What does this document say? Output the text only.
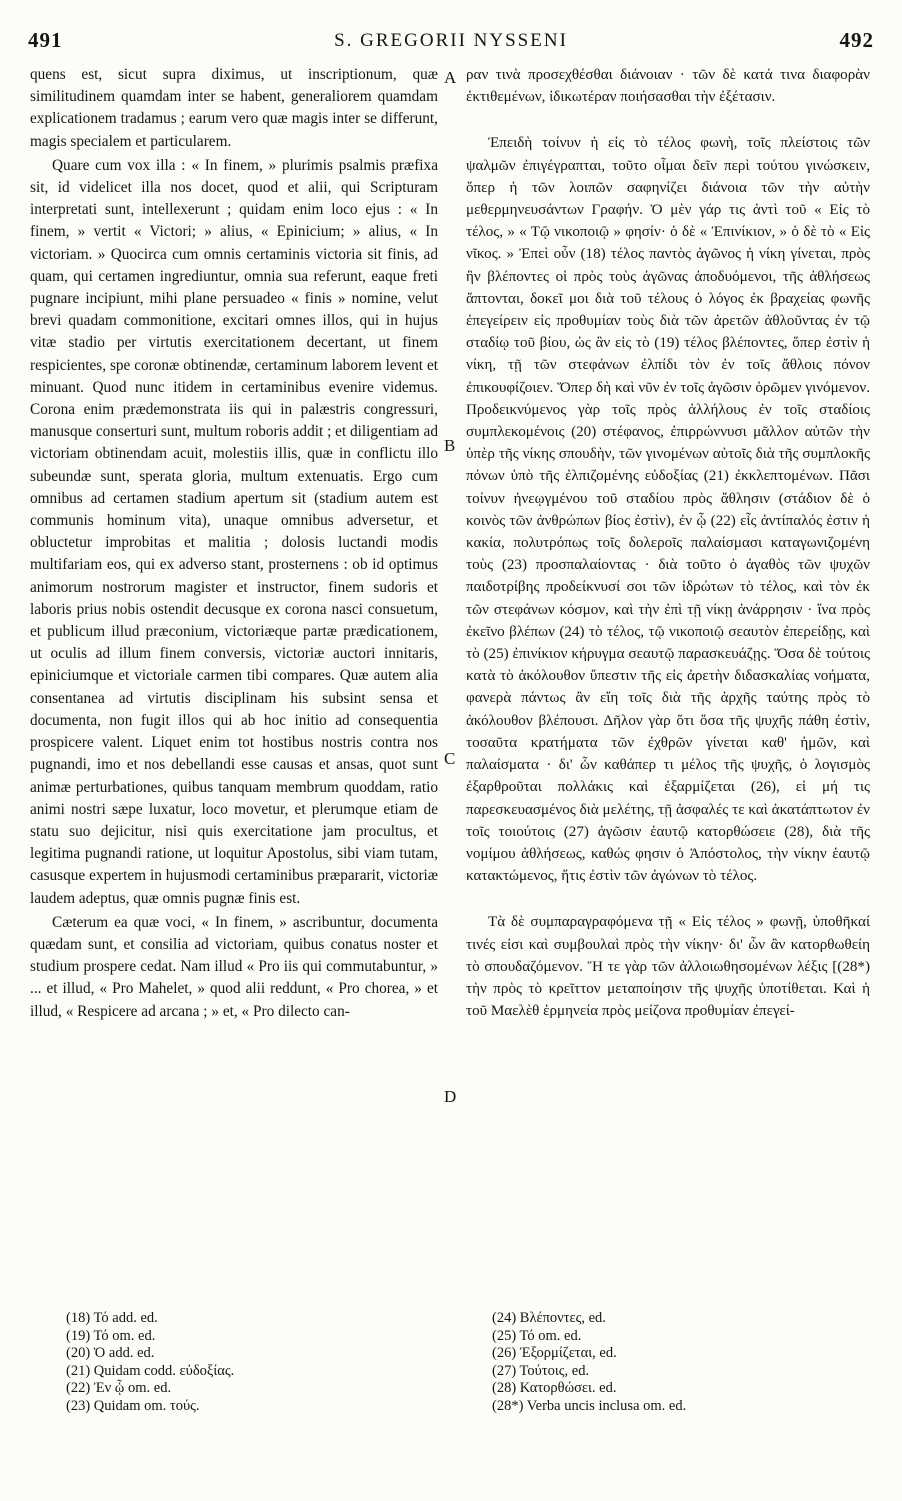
491	S. GREGORII NYSSENI	492

quens est, sicut supra diximus, ut inscriptionum, quæ similitudinem quamdam inter se habent, generaliorem quamdam explicationem tradamus ; earum vero quæ magis inter se differunt, magis specialem et particularem.

Quare cum vox illa : « In finem, » plurimis psalmis præfixa sit, id videlicet illa nos docet, quod et alii, qui Scripturam interpretati sunt, intellexerunt ; quidam enim loco ejus : « In finem, » vertit « Victori; » alius, « Epinicium; » alius, « In victoriam. » Quocirca cum omnis certaminis victoria sit finis, ad quam, qui certamen ingrediuntur, omnia sua referunt, eaque freti pugnare incipiunt, mihi plane persuadeo « finis » nomine, velut brevi quadam commonitione, excitari omnes illos, qui in hujus vitæ stadio per virtutis exercitationem decertant, ut finem respicientes, spe coronæ obtinendæ, certaminum laborem levent et minuant. Quod nunc itidem in certaminibus evenire videmus. Corona enim prædemonstrata iis qui in palæstris congressuri, manusque conserturi sunt, multum roboris addit ; et diligentiam ad victoriam obtinendam acuit, molestiis illis, quæ in conflictu illo subeundæ sunt, sperata gloria, multum extenuatis. Ergo cum omnibus ad certamen stadium apertum sit (stadium autem est communis hominum vita), unaque omnibus adversetur, et obluctetur improbitas et malitia ; dolosis luctandi modis multifariam eos, qui ex adverso stant, prosternens : ob id optimus animorum nostrorum magister et instructor, finem sudoris et laboris prius nobis ostendit decusque ex corona nasci consuetum, et publicum illud præconium, victoriæque partæ prædicationem, ut oculis ad illum finem conversis, victoriæ auctori innitaris, epiniciumque et victoriale carmen tibi compares. Quæ autem alia consentanea ad virtutis disciplinam his subsint sensa et documenta, non fugit illos qui ab hoc initio ad consequentia prospicere valent. Liquet enim tot hostibus nostris contra nos pugnandi, imo et nos debellandi esse causas et ansas, quot sunt animæ perturbationes, quibus tanquam membrum quoddam, ratio animi nostri sæpe luxatur, loco movetur, et plerumque etiam de statu suo dejicitur, nisi quis exercitatione jam procultus, et legitima pugnandi ratione, ut loquitur Apostolus, sibi viam tutam, casusque expertem in hujusmodi certaminibus præpararit, victoriæ laudem adeptus, quæ omnis pugnæ finis est.

Cæterum ea quæ voci, « In finem, » ascribuntur, documenta quædam sunt, et consilia ad victoriam, quibus conatus noster et studium prospere cedat. Nam illud « Pro iis qui commutabuntur, » ... et illud, « Pro Mahelet, » quod alii reddunt, « Pro chorea, » et illud, « Respicere ad arcana ; » et, « Pro dilecto can-

A
B
C
D

ραν τινὰ προσεχθέσθαι διάνοιαν · τῶν δὲ κατά τινα διαφορὰν ἐκτιθεμένων, ἰδικωτέραν ποιήσασθαι τὴν ἐξέτασιν.

Ἐπειδὴ τοίνυν ἡ εἰς τὸ τέλος φωνὴ, τοῖς πλείστοις τῶν ψαλμῶν ἐπιγέγραπται, τοῦτο οἶμαι δεῖν περὶ τούτου γινώσκειν, ὅπερ ἡ τῶν λοιπῶν σαφηνίζει διάνοια τῶν τὴν αὐτὴν μεθερμηνευσάντων Γραφήν. Ὁ μὲν γάρ τις ἀντὶ τοῦ « Εἰς τὸ τέλος, » « Τῷ νικοποιῷ » φησίν· ὁ δὲ « Ἐπινίκιον, » ὁ δὲ τὸ « Εἰς νῖκος. » Ἐπεὶ οὖν (18) τέλος παντὸς ἀγῶνος ἡ νίκη γίνεται, πρὸς ἣν βλέποντες οἱ πρὸς τοὺς ἀγῶνας ἀποδυόμενοι, τῆς ἀθλήσεως ἅπτονται, δοκεῖ μοι διὰ τοῦ τέλους ὁ λόγος ἐκ βραχείας φωνῆς ἐπεγείρειν εἰς προθυμίαν τοὺς διὰ τῶν ἀρετῶν ἀθλοῦντας ἐν τῷ σταδίῳ τοῦ βίου, ὡς ἂν εἰς τὸ (19) τέλος βλέποντες, ὅπερ ἐστὶν ἡ νίκη, τῇ τῶν στεφάνων ἐλπίδι τὸν ἐν τοῖς ἄθλοις πόνον ἐπικουφίζοιεν. Ὅπερ δὴ καὶ νῦν ἐν τοῖς ἀγῶσιν ὁρῶμεν γινόμενον. Προδεικνύμενος γὰρ τοῖς πρὸς ἀλλήλους ἐν τοῖς σταδίοις συμπλεκομένοις (20) στέφανος, ἐπιρρώννυσι μᾶλλον αὐτῶν τὴν ὑπὲρ τῆς νίκης σπουδὴν, τῶν γινομένων αὐτοῖς διὰ τῆς συμπλοκῆς πόνων ὑπὸ τῆς ἐλπιζομένης εὐδοξίας (21) ἐκκλεπτομένων. Πᾶσι τοίνυν ἠνεῳγμένου τοῦ σταδίου πρὸς ἄθλησιν (στάδιον δὲ ὁ κοινὸς τῶν ἀνθρώπων βίος ἐστὶν), ἐν ᾧ (22) εἷς ἀντίπαλός ἐστιν ἡ κακία, πολυτρόπως τοῖς δολεροῖς παλαίσμασι καταγωνιζομένη τοὺς (23) προσπαλαίοντας · διὰ τοῦτο ὁ ἀγαθὸς τῶν ψυχῶν παιδοτρίβης προδείκνυσί σοι τῶν ἱδρώτων τὸ τέλος, καὶ τὸν ἐκ τῶν στεφάνων κόσμον, καὶ τὴν ἐπὶ τῇ νίκῃ ἀνάρρησιν · ἵνα πρὸς ἐκεῖνο βλέπων (24) τὸ τέλος, τῷ νικοποιῷ σεαυτὸν ἐπερείδῃς, καὶ τὸ (25) ἐπινίκιον κήρυγμα σεαυτῷ παρασκευάζῃς. Ὅσα δὲ τούτοις κατὰ τὸ ἀκόλουθον ὕπεστιν τῆς εἰς ἀρετὴν διδασκαλίας νοήματα, φανερὰ πάντως ἂν εἴη τοῖς διὰ τῆς ἀρχῆς ταύτης πρὸς τὸ ἀκόλουθον βλέπουσι. Δῆλον γὰρ ὅτι ὅσα τῆς ψυχῆς πάθη ἐστὶν, τοσαῦτα κρατήματα τῶν ἐχθρῶν γίνεται καθ' ἡμῶν, καὶ παλαίσματα · δι' ὧν καθάπερ τι μέλος τῆς ψυχῆς, ὁ λογισμὸς ἐξαρθροῦται πολλάκις καὶ ἐξαρμίζεται (26), εἰ μή τις παρεσκευασμένος διὰ μελέτης, τῇ ἀσφαλές τε καὶ ἀκατάπτωτον ἐν τοῖς τοιούτοις (27) ἀγῶσιν ἑαυτῷ κατορθώσειε (28), διὰ τῆς νομίμου ἀθλήσεως, καθώς φησιν ὁ Ἀπόστολος, τὴν νίκην ἑαυτῷ κατακτώμενος, ἥτις ἐστὶν τῶν ἀγώνων τὸ τέλος.

Τὰ δὲ συμπαραγραφόμενα τῇ « Εἰς τέλος » φωνῇ, ὑποθῆκαί τινές εἰσι καὶ συμβουλαὶ πρὸς τὴν νίκην· δι' ὧν ἂν κατορθωθείη τὸ σπουδαζόμενον. Ἥ τε γὰρ τῶν ἀλλοιωθησομένων λέξις [(28*) τὴν πρὸς τὸ κρεῖττον μεταποίησιν τῆς ψυχῆς ὑποτίθεται. Καὶ ἡ τοῦ Μαελὲθ ἑρμηνεία πρὸς μείζονα προθυμίαν ἐπεγεί-

(18) Τό add. ed.
(19) Τό om. ed.
(20) Ὁ add. ed.
(21) Quidam codd. εὐδοξίας.
(22) Ἐν ᾧ om. ed.
(23) Quidam om. τούς.
(24) Βλέποντες, ed.
(25) Τό om. ed.
(26) Ἐξορμίζεται, ed.
(27) Τούτοις, ed.
(28) Κατορθώσει. ed.
(28*) Verba uncis inclusa om. ed.
